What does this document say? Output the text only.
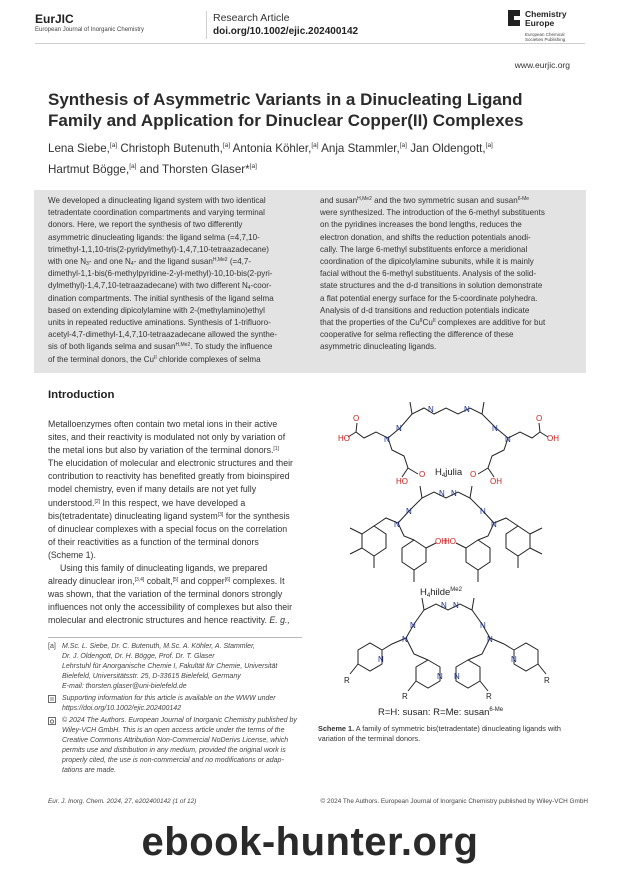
EurJIC
European Journal of Inorganic Chemistry
Research Article
doi.org/10.1002/ejic.202400142
Chemistry
Europe
European Chemical
Societies Publishing
www.eurjic.org
Synthesis of Asymmetric Variants in a Dinucleating Ligand
Family and Application for Dinuclear Copper(II) Complexes
Lena Siebe,[a] Christoph Butenuth,[a] Antonia Köhler,[a] Anja Stammler,[a] Jan Oldengott,[a]
Hartmut Bögge,[a] and Thorsten Glaser*[a]
We developed a dinucleating ligand system with two identical
tetradentate coordination compartments and varying terminal
donors. Here, we report the synthesis of two differently
asymmetric dinucleating ligands: the ligand selma (=4,7,10-
trimethyl-1,1,10-tris(2-pyridylmethyl)-1,4,7,10-tetraazadecane)
with one $N_3-$ and one $N_4-$ and the ligand susan$^{H,Me2}$ (=4,7-
dimethyl-1,1-bis(6-methylpyridine-2-yl-methyl)-10,10-bis(2-pyri-
dylmethyl)-1,4,7,10-tetraazadecane) with two different $N_4-coor-$
dination compartments. The initial synthesis of the ligand selma
based on extending dipicolylamine with 2-(methylamino)ethyl
units in repeated reductive aminations. Synthesis of 1-trifluoro-
acetyl-4,7-dimethyl-1,4,7,10-tetraazadecane allowed the synthe-
sis of both ligands selma and susan$^{H,Me2}$. To study the influence
of the terminal donors, the $Cu^{II}$ chloride complexes of selma
and susan$^{H,Me2}$ and the two symmetric susan and susan$^{6-Me}$
were synthesized. The introduction of the 6-methyl substituents
on the pyridines increases the bond lengths, reduces the
electron donation, and shifts the reduction potentials anodi-
cally. The large 6-methyl substituents enforce a meridional
coordination of the dipicolylamine subunits, while it is mainly
facial without the 6-methyl substituents. Analysis of the solid-
state structures and the d-d transitions in solution demonstrate
a flat potential energy surface for the 5-coordinate polyhedra.
Analysis of d-d transitions and reduction potentials indicate
that the properties of the $Cu^{II}Cu^{II}$ complexes are additive for but
cooperative for selma reflecting the difference of these
asymmetric dinucleating ligands.
Introduction
Metalloenzymes often contain two metal ions in their active
sites, and their reactivity is modulated not only by variation of
the metal ions but also by variation of the terminal donors.[1]
The elucidation of molecular and electronic structures and their
contribution to reactivity has benefited greatly from bioinspired
model chemistry, even if many details are not yet fully
understood.[2] In this respect, we have developed a
bis(tetradentate) dinucleating ligand system[3] for the synthesis
of dinuclear complexes with a special focus on the correlation
of their reactivities as a function of the terminal donors
(Scheme 1).
Using this family of dinucleating ligands, we prepared
already dinuclear iron,[3,4] cobalt,[5] and copper[6] complexes. It
was shown, that the variation of the terminal donors strongly
influences not only the accessibility of complexes but also their
molecular and electronic structures and hence reactivity. E. g.,
[a] M.Sc. L. Siebe, Dr. C. Butenuth, M.Sc. A. Köhler, A. Stammler,
Dr. J. Oldengott, Dr. H. Bögge, Prof. Dr. T. Glaser
Lehrstuhl für Anorganische Chemie I, Fakultät für Chemie, Universität
Bielefeld, Universitätsstr. 25, D-33615 Bielefeld, Germany
E-mail: thorsten.glaser@uni-bielefeld.de
Supporting information for this article is available on the WWW under
https://doi.org/10.1002/ejic.202400142
© 2024 The Authors. European Journal of Inorganic Chemistry published by
Wiley-VCH GmbH. This is an open access article under the terms of the
Creative Commons Attribution Non-Commercial NoDerivs License, which
permits use and distribution in any medium, provided the original work is
properly cited, the use is non-commercial and no modifications or adap-
tations are made.
N
N	N
N
N	N
HO
O
HO
O
OH
O
OH
O
$H_4julia$
N
N N
N
N	N
OH
HO
$H_4hilde^{Me2}$
N
N N
N
N	N
N
N N
N
R
R	R
R
R=H: susan: R=Me: susan$^{6-Me}$
Scheme 1. A family of symmetric bis(tetradentate) dinucleating ligands with
variation of the terminal donors.
Eur. J. Inorg. Chem. 2024, 27, e202400142 (1 of 12)	© 2024 The Authors. European Journal of Inorganic Chemistry published by Wiley-VCH GmbH
ebook-hunter.org
